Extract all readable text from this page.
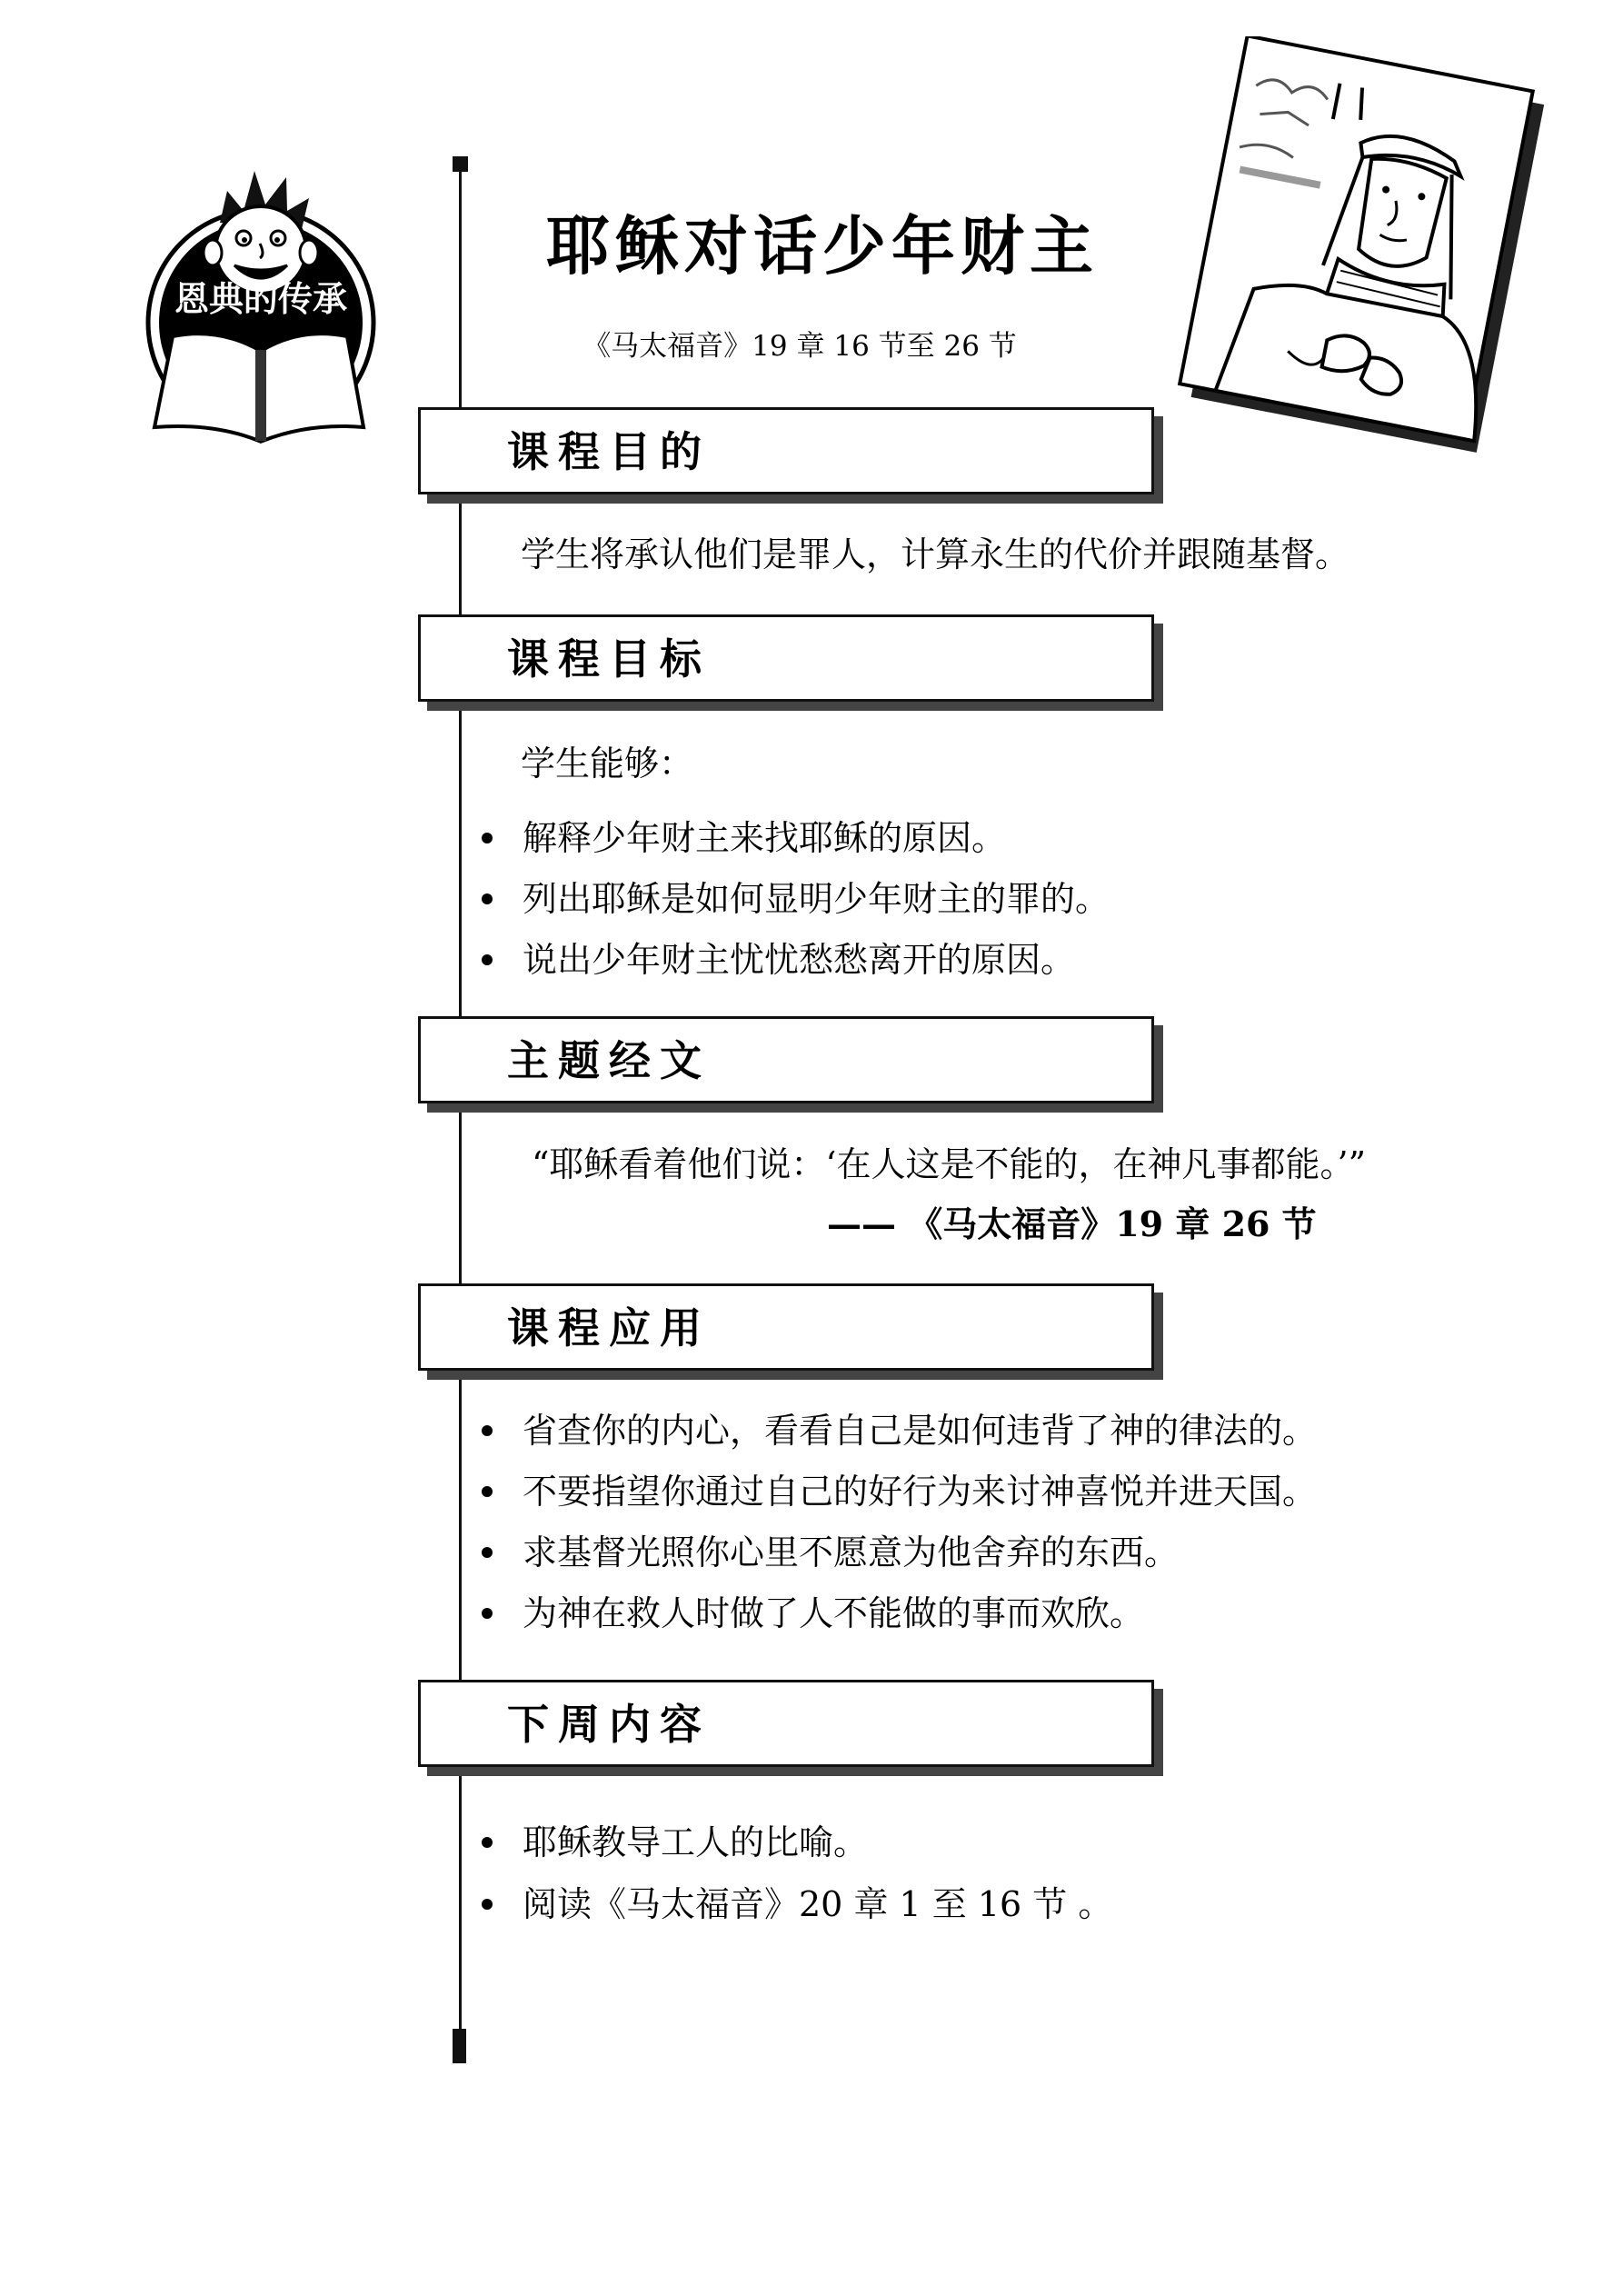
恩典的传承
耶稣对话少年财主
《马太福音》19 章 16 节至 26 节
课程目的
学生将承认他们是罪人，计算永生的代价并跟随基督。
课程目标
学生能够：
解释少年财主来找耶稣的原因。
列出耶稣是如何显明少年财主的罪的。
说出少年财主忧忧愁愁离开的原因。
主题经文
“耶稣看着他们说：‘在人这是不能的，在神凡事都能。’”
—— 《马太福音》19 章 26 节
课程应用
省查你的内心，看看自己是如何违背了神的律法的。
不要指望你通过自己的好行为来讨神喜悦并进天国。
求基督光照你心里不愿意为他舍弃的东西。
为神在救人时做了人不能做的事而欢欣。
下周内容
耶稣教导工人的比喻。
阅读《马太福音》20 章 1 至 16 节 。
